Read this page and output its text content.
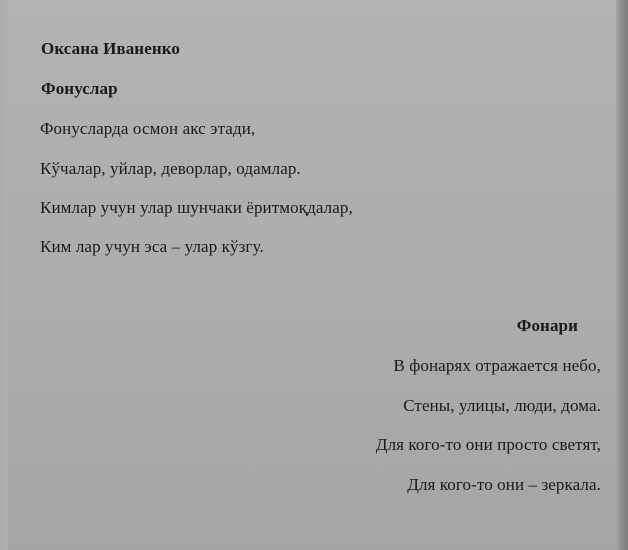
Оксана Иваненко
Фонуслар
Фонусларда осмон акс этади,
Кўчалар, уйлар, деворлар, одамлар.
Кимлар учун улар шунчаки ёритмоқдалар,
Ким лар учун эса – улар кўзгу.
Фонари
В фонарях отражается небо,
Стены, улицы, люди, дома.
Для кого-то они просто светят,
Для кого-то они – зеркала.
